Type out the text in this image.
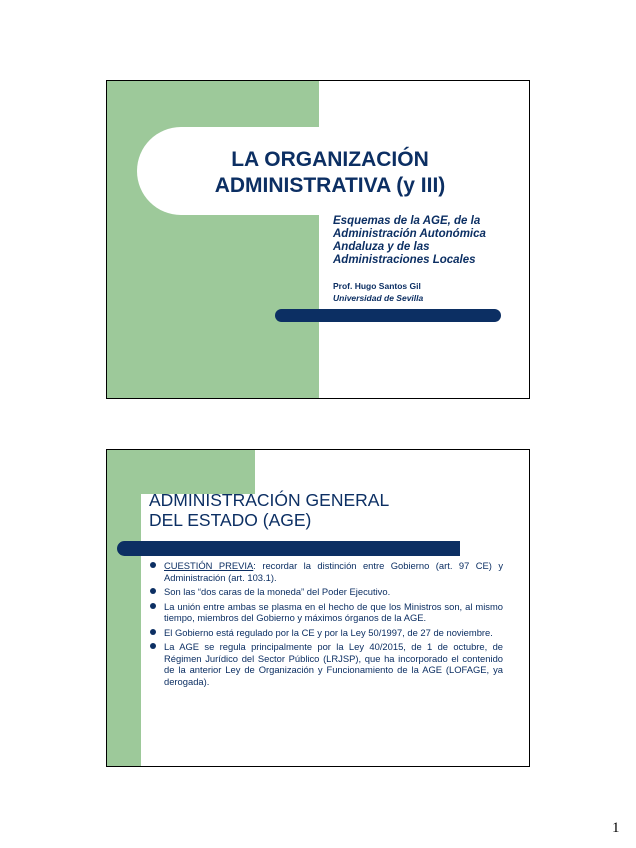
LA ORGANIZACIÓN
ADMINISTRATIVA (y III)
Esquemas de la AGE, de la
Administración Autonómica
Andaluza y de las
Administraciones Locales
Prof. Hugo Santos Gil
Universidad de Sevilla
ADMINISTRACIÓN GENERAL
DEL ESTADO (AGE)
CUESTIÓN PREVIA: recordar la distinción entre Gobierno (art. 97 CE) y Administración (art. 103.1).
Son las “dos caras de la moneda” del Poder Ejecutivo.
La unión entre ambas se plasma en el hecho de que los Ministros son, al mismo tiempo, miembros del Gobierno y máximos órganos de la AGE.
El Gobierno está regulado por la CE y por la Ley 50/1997, de 27 de noviembre.
La AGE se regula principalmente por la Ley 40/2015, de 1 de octubre, de Régimen Jurídico del Sector Público (LRJSP), que ha incorporado el contenido de la anterior Ley de Organización y Funcionamiento de la AGE (LOFAGE, ya derogada).
1
